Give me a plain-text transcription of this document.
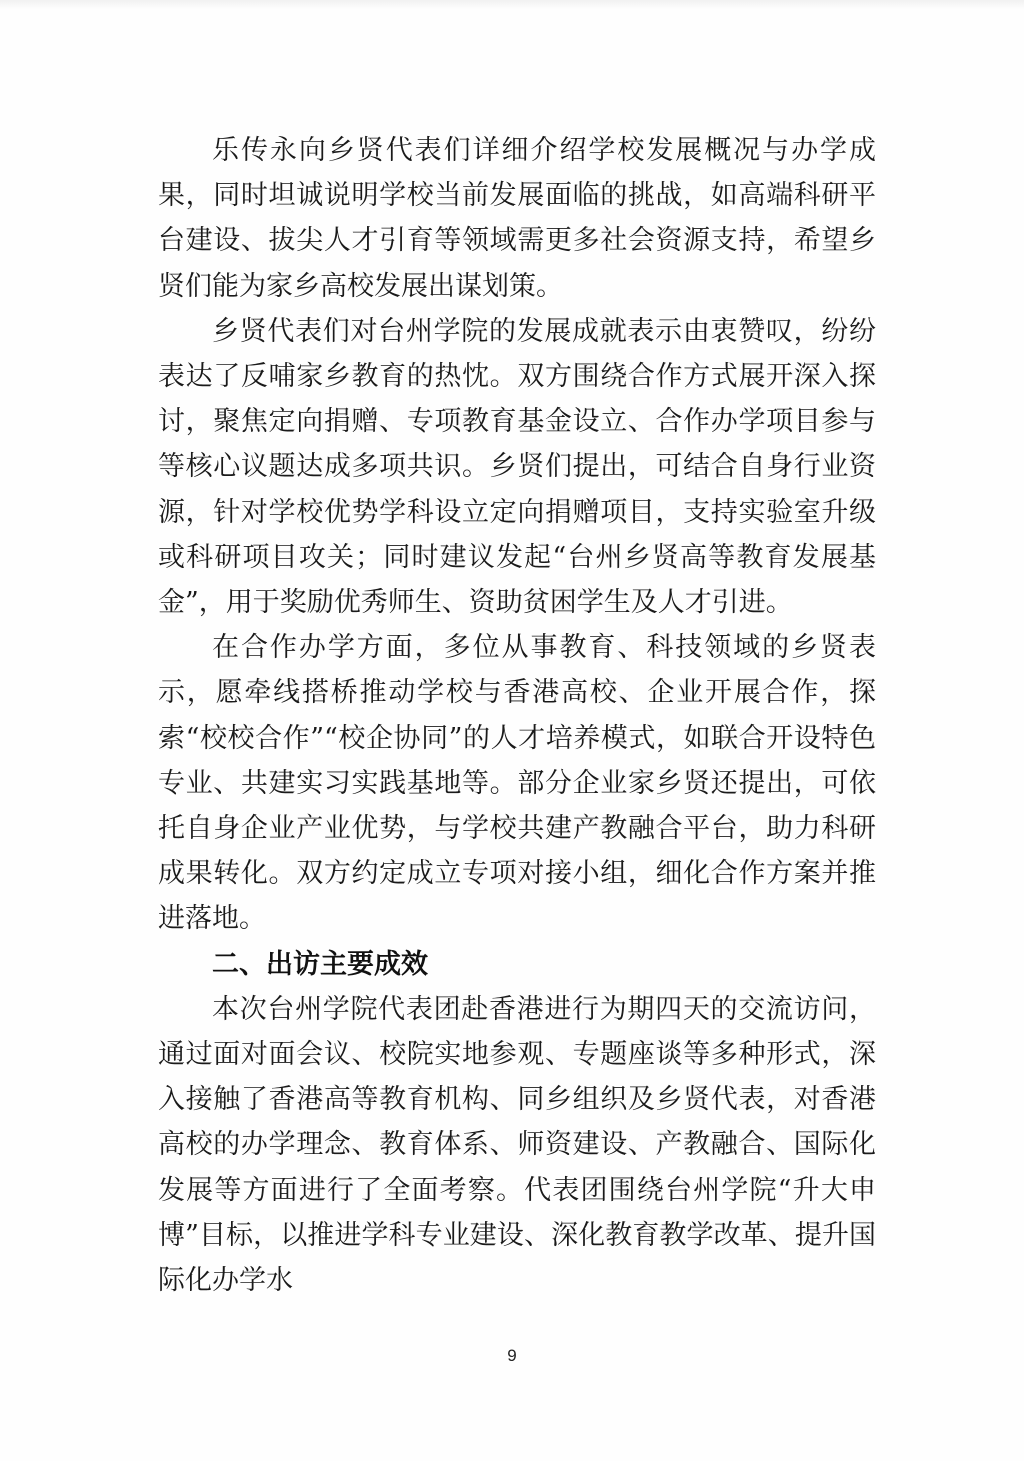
乐传永向乡贤代表们详细介绍学校发展概况与办学成果，同时坦诚说明学校当前发展面临的挑战，如高端科研平台建设、拔尖人才引育等领域需更多社会资源支持，希望乡贤们能为家乡高校发展出谋划策。

乡贤代表们对台州学院的发展成就表示由衷赞叹，纷纷表达了反哺家乡教育的热忱。双方围绕合作方式展开深入探讨，聚焦定向捐赠、专项教育基金设立、合作办学项目参与等核心议题达成多项共识。乡贤们提出，可结合自身行业资源，针对学校优势学科设立定向捐赠项目，支持实验室升级或科研项目攻关；同时建议发起“台州乡贤高等教育发展基金”，用于奖励优秀师生、资助贫困学生及人才引进。

在合作办学方面，多位从事教育、科技领域的乡贤表示，愿牵线搭桥推动学校与香港高校、企业开展合作，探索“校校合作”“校企协同”的人才培养模式，如联合开设特色专业、共建实习实践基地等。部分企业家乡贤还提出，可依托自身企业产业优势，与学校共建产教融合平台，助力科研成果转化。双方约定成立专项对接小组，细化合作方案并推进落地。

二、出访主要成效

本次台州学院代表团赴香港进行为期四天的交流访问，通过面对面会议、校院实地参观、专题座谈等多种形式，深入接触了香港高等教育机构、同乡组织及乡贤代表，对香港高校的办学理念、教育体系、师资建设、产教融合、国际化发展等方面进行了全面考察。代表团围绕台州学院“升大申博”目标，以推进学科专业建设、深化教育教学改革、提升国际化办学水

9
